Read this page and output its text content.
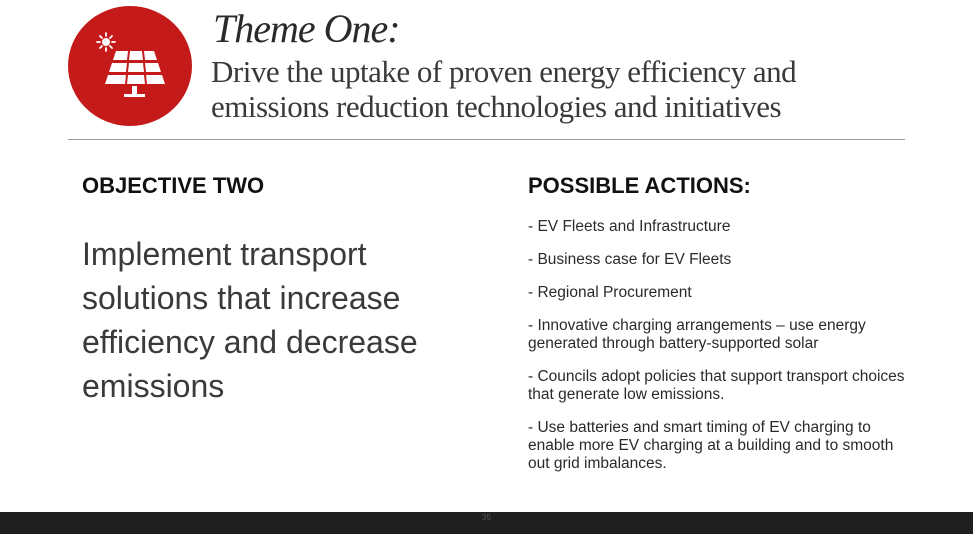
Theme One:
Drive the uptake of proven energy efficiency and emissions reduction technologies and initiatives
OBJECTIVE TWO
Implement transport solutions that increase efficiency and decrease emissions
POSSIBLE ACTIONS:
- EV Fleets and Infrastructure
- Business case for EV Fleets
- Regional Procurement
- Innovative charging arrangements – use energy generated through battery-supported solar
- Councils adopt policies that support transport choices that generate low emissions.
- Use batteries and smart timing of EV charging to enable more EV charging at a building and to smooth out grid imbalances.
35
